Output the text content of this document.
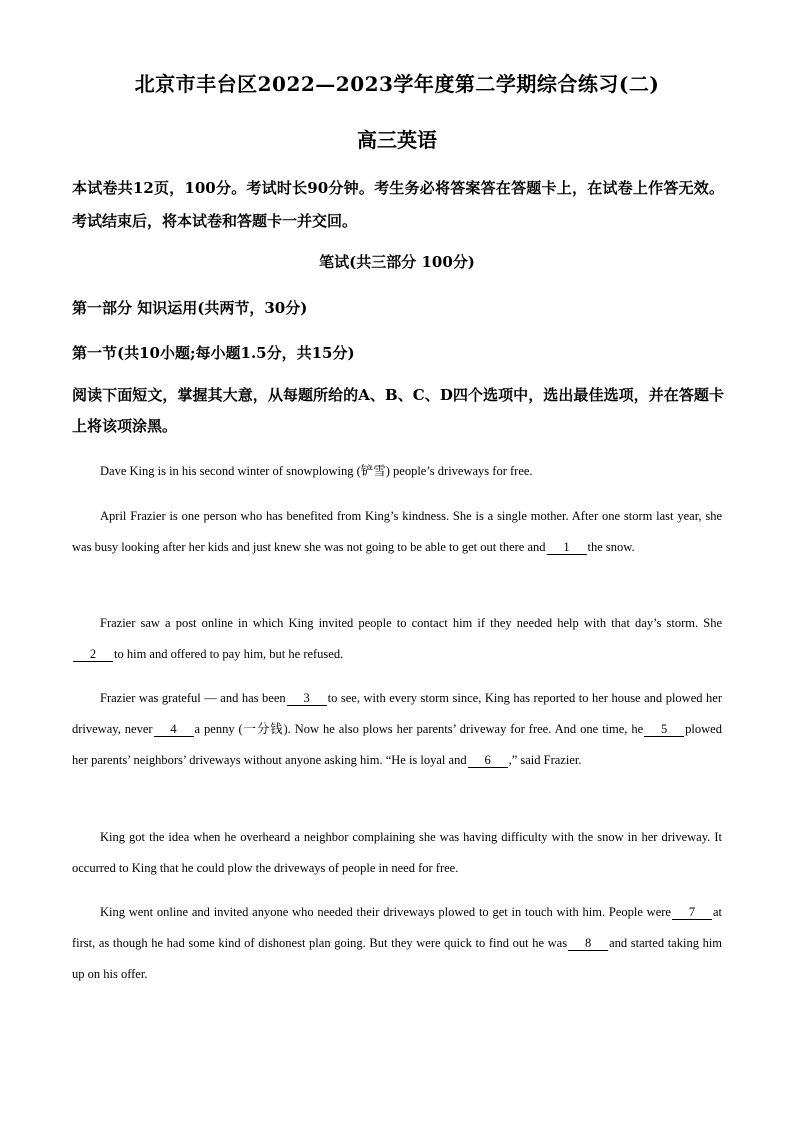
北京市丰台区2022—2023学年度第二学期综合练习(二)
高三英语

本试卷共12页，100分。考试时长90分钟。考生务必将答案答在答题卡上，在试卷上作答无效。考试结束后，将本试卷和答题卡一并交回。

笔试(共三部分 100分)
第一部分 知识运用(共两节，30分)
第一节(共10小题;每小题1.5分，共15分)

阅读下面短文，掌握其大意，从每题所给的A、B、C、D四个选项中，选出最佳选项，并在答题卡上将该项涂黑。

Dave King is in his second winter of snowplowing (铲雪) people’s driveways for free.

April Frazier is one person who has benefited from King’s kindness. She is a single mother. After one storm last year, she was busy looking after her kids and just knew she was not going to be able to get out there and 1 the snow.

Frazier saw a post online in which King invited people to contact him if they needed help with that day’s storm. She2 to him and offered to pay him, but he refused.

Frazier was grateful — and has been 3 to see, with every storm since, King has reported to her house and plowed her driveway, never 4 a penny (一分钱). Now he also plows her parents’ driveway for free. And one time, he 5 plowed her parents’ neighbors’ driveways without anyone asking him. “He is loyal and 6 ,” said Frazier.

King got the idea when he overheard a neighbor complaining she was having difficulty with the snow in her driveway. It occurred to King that he could plow the driveways of people in need for free.

King went online and invited anyone who needed their driveways plowed to get in touch with him. People were 7 at first, as though he had some kind of dishonest plan going. But they were quick to find out he was 8 and started taking him up on his offer.
